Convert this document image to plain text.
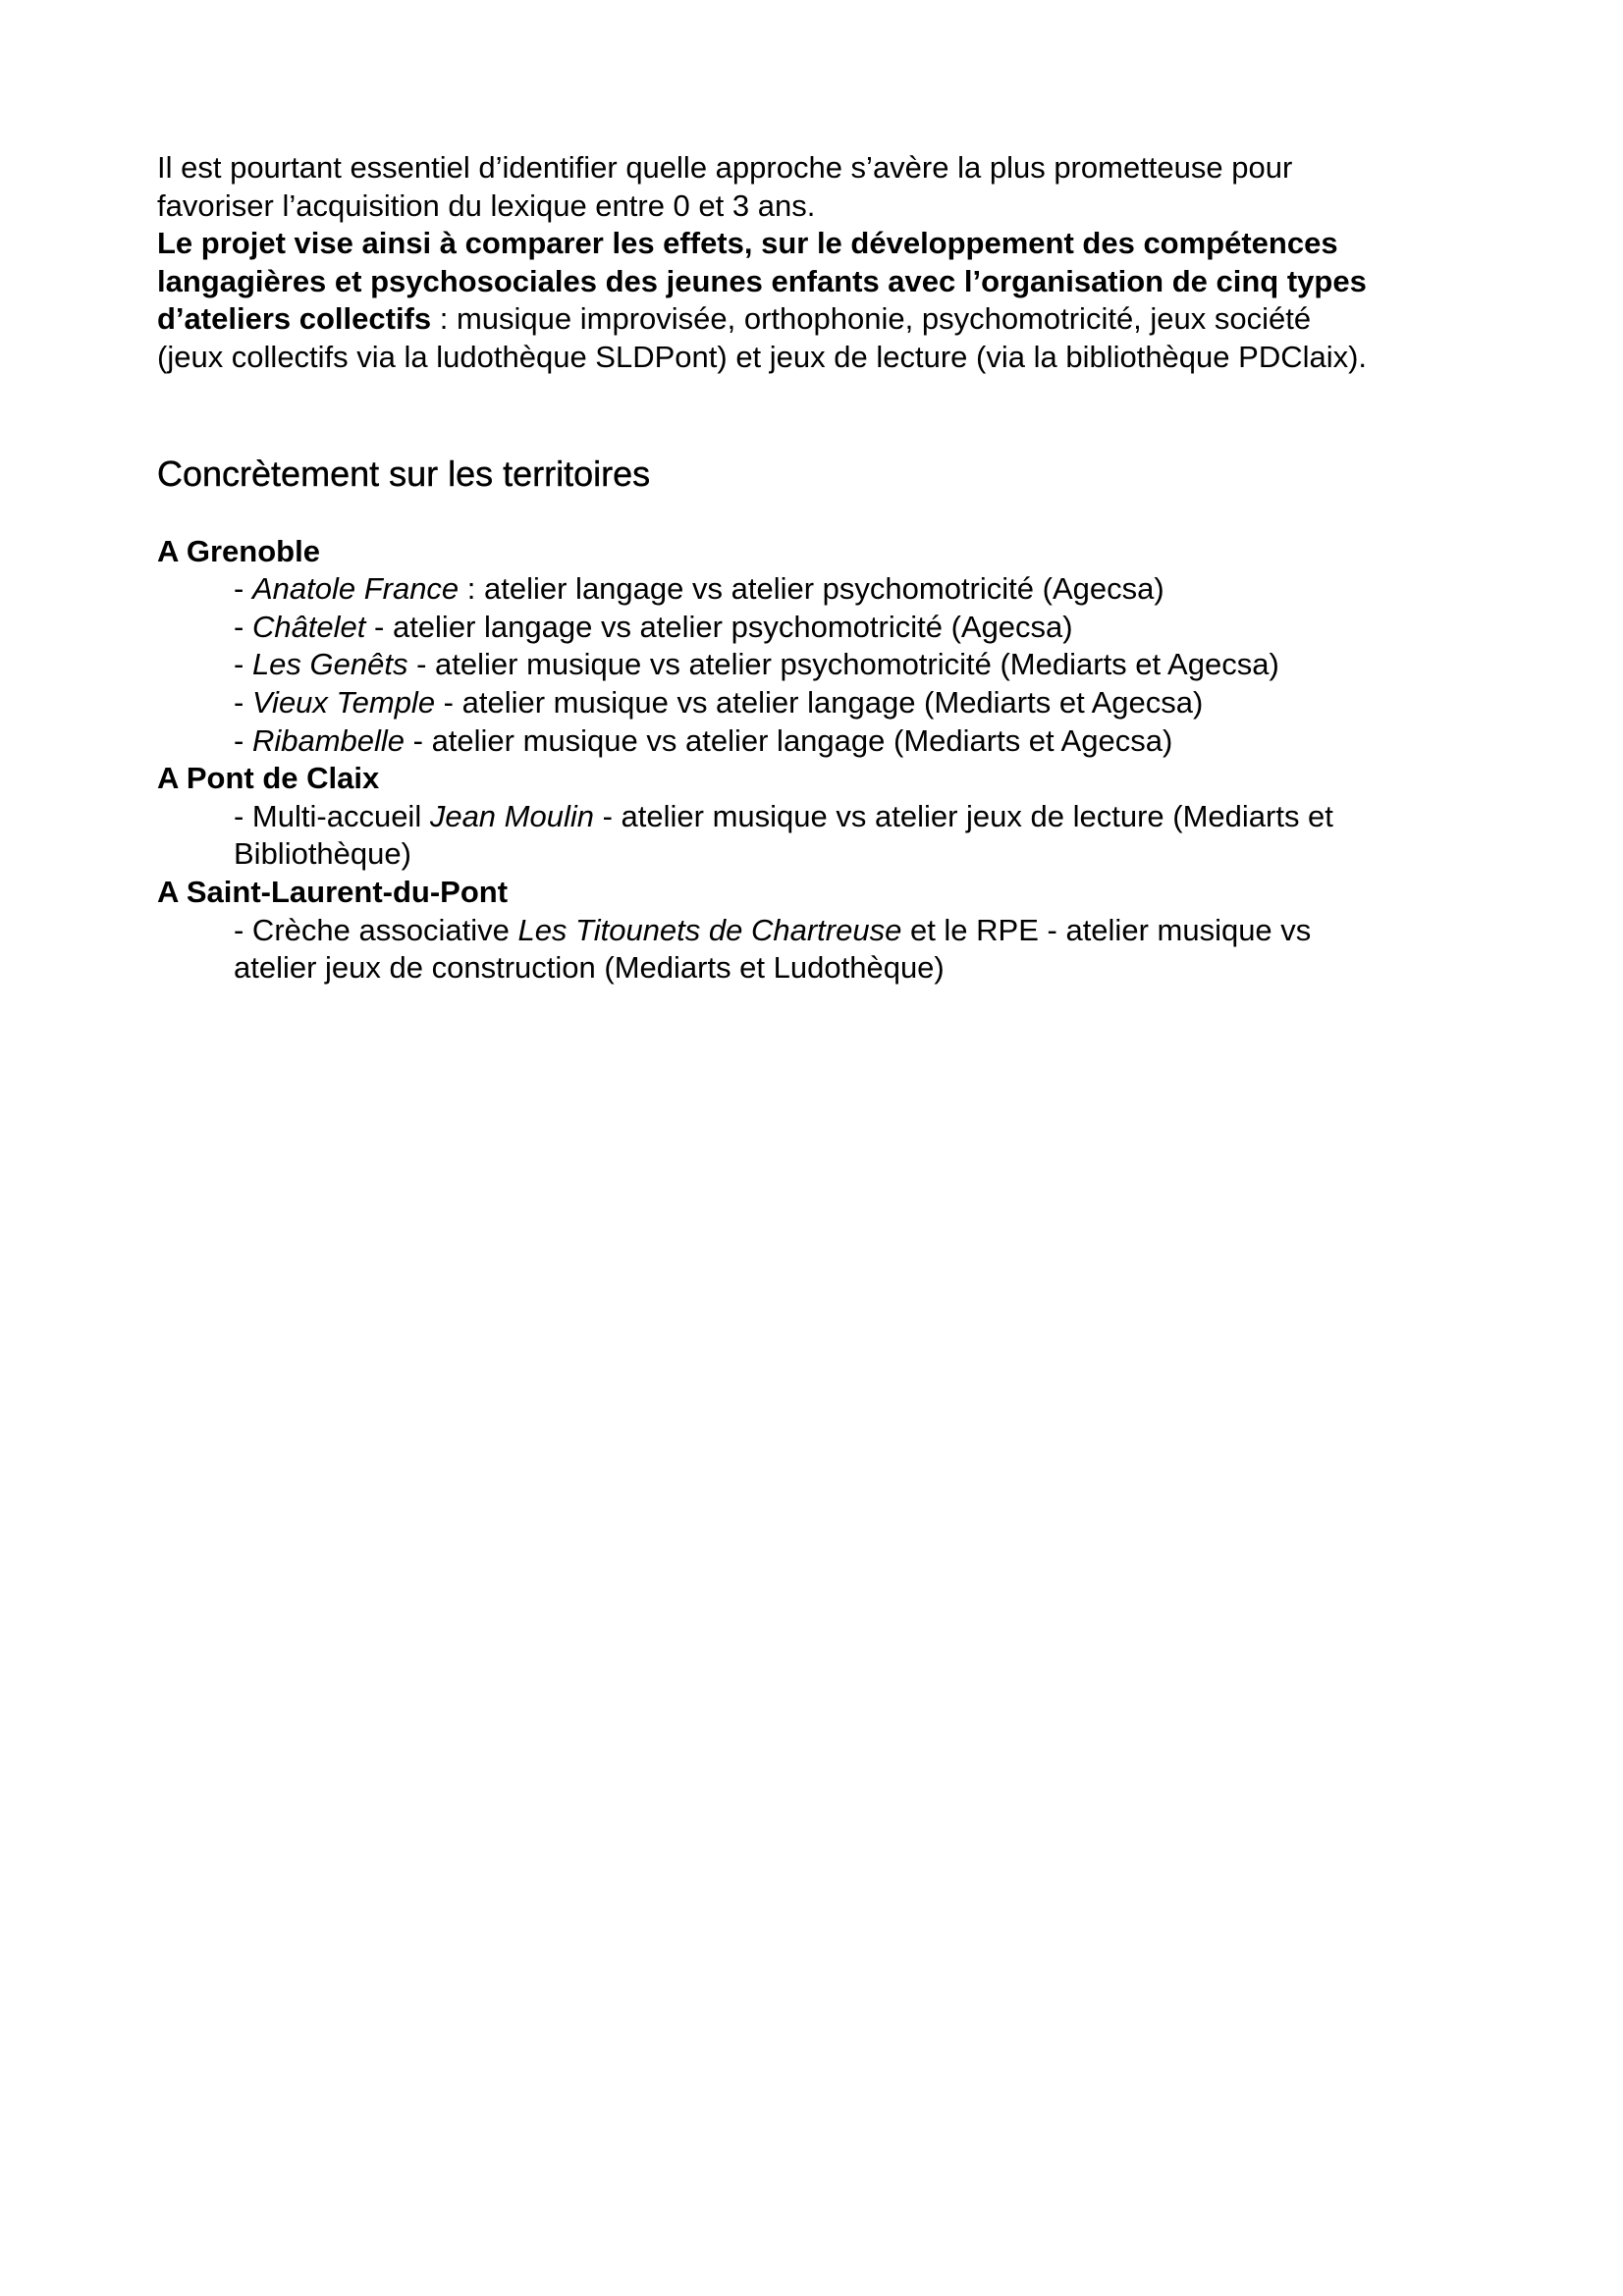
Il est pourtant essentiel d’identifier quelle approche s’avère la plus prometteuse pour
favoriser l’acquisition du lexique entre 0 et 3 ans.

Le projet vise ainsi à comparer les effets, sur le développement des compétences
langagières et psychosociales des jeunes enfants avec l’organisation de cinq types
d’ateliers collectifs : musique improvisée, orthophonie, psychomotricité, jeux société
(jeux collectifs via la ludothèque SLDPont) et jeux de lecture (via la bibliothèque PDClaix).

Concrètement sur les territoires

A Grenoble

- Anatole France : atelier langage vs atelier psychomotricité (Agecsa)
- Châtelet - atelier langage vs atelier psychomotricité (Agecsa)
- Les Genêts - atelier musique vs atelier psychomotricité (Mediarts et Agecsa)
- Vieux Temple - atelier musique vs atelier langage (Mediarts et Agecsa)
- Ribambelle - atelier musique vs atelier langage (Mediarts et Agecsa)

A Pont de Claix

- Multi-accueil Jean Moulin - atelier musique vs atelier jeux de lecture (Mediarts et
Bibliothèque)

A Saint-Laurent-du-Pont

- Crèche associative Les Titounets de Chartreuse et le RPE - atelier musique vs
atelier jeux de construction (Mediarts et Ludothèque)
